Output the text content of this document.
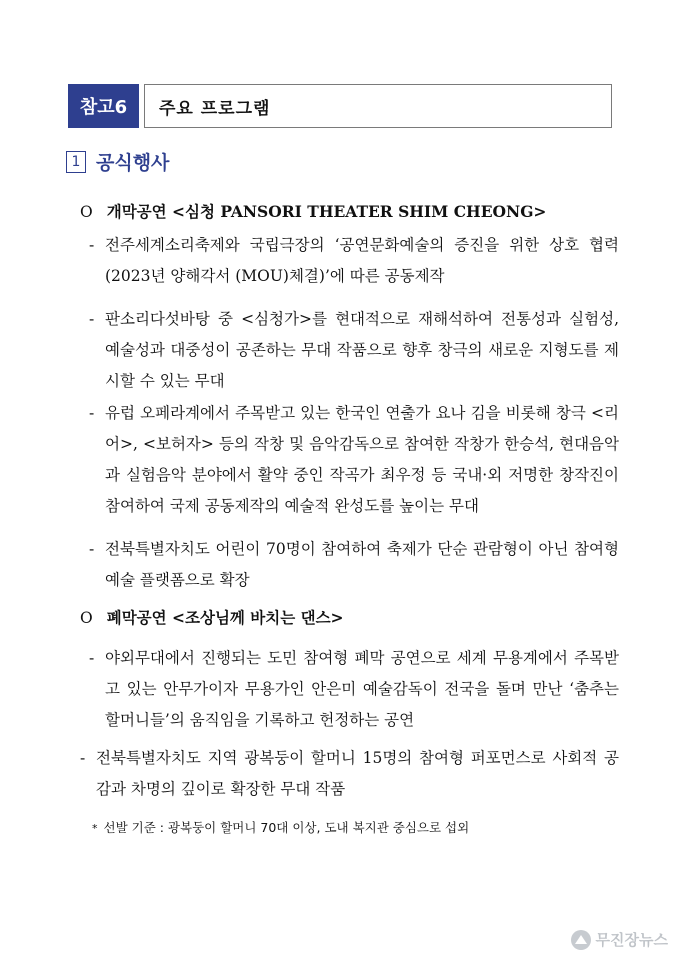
참고6	주요 프로그램
1 공식행사
O 개막공연 <심청 PANSORI THEATER SHIM CHEONG>
- 전주세계소리축제와 국립극장의 ‘공연문화예술의 증진을 위한 상호 협력(2023년 양해각서 (MOU)체결)’에 따른 공동제작
- 판소리다섯바탕 중 <심청가>를 현대적으로 재해석하여 전통성과 실험성, 예술성과 대중성이 공존하는 무대 작품으로 향후 창극의 새로운 지형도를 제시할 수 있는 무대
- 유럽 오페라계에서 주목받고 있는 한국인 연출가 요나 김을 비롯해 창극 <리어>, <보허자> 등의 작창 및 음악감독으로 참여한 작창가 한승석, 현대음악과 실험음악 분야에서 활약 중인 작곡가 최우정 등 국내·외 저명한 창작진이 참여하여 국제 공동제작의 예술적 완성도를 높이는 무대
- 전북특별자치도 어린이 70명이 참여하여 축제가 단순 관람형이 아닌 참여형 예술 플랫폼으로 확장
O 폐막공연 <조상님께 바치는 댄스>
- 야외무대에서 진행되는 도민 참여형 폐막 공연으로 세계 무용계에서 주목받고 있는 안무가이자 무용가인 안은미 예술감독이 전국을 돌며 만난 ‘춤추는 할머니들’의 움직임을 기록하고 헌정하는 공연
- 전북특별자치도 지역 광복둥이 할머니 15명의 참여형 퍼포먼스로 사회적 공감과 차명의 깊이로 확장한 무대 작품
* 선발 기준 : 광복둥이 할머니 70대 이상, 도내 복지관 중심으로 섭외
무진장뉴스
